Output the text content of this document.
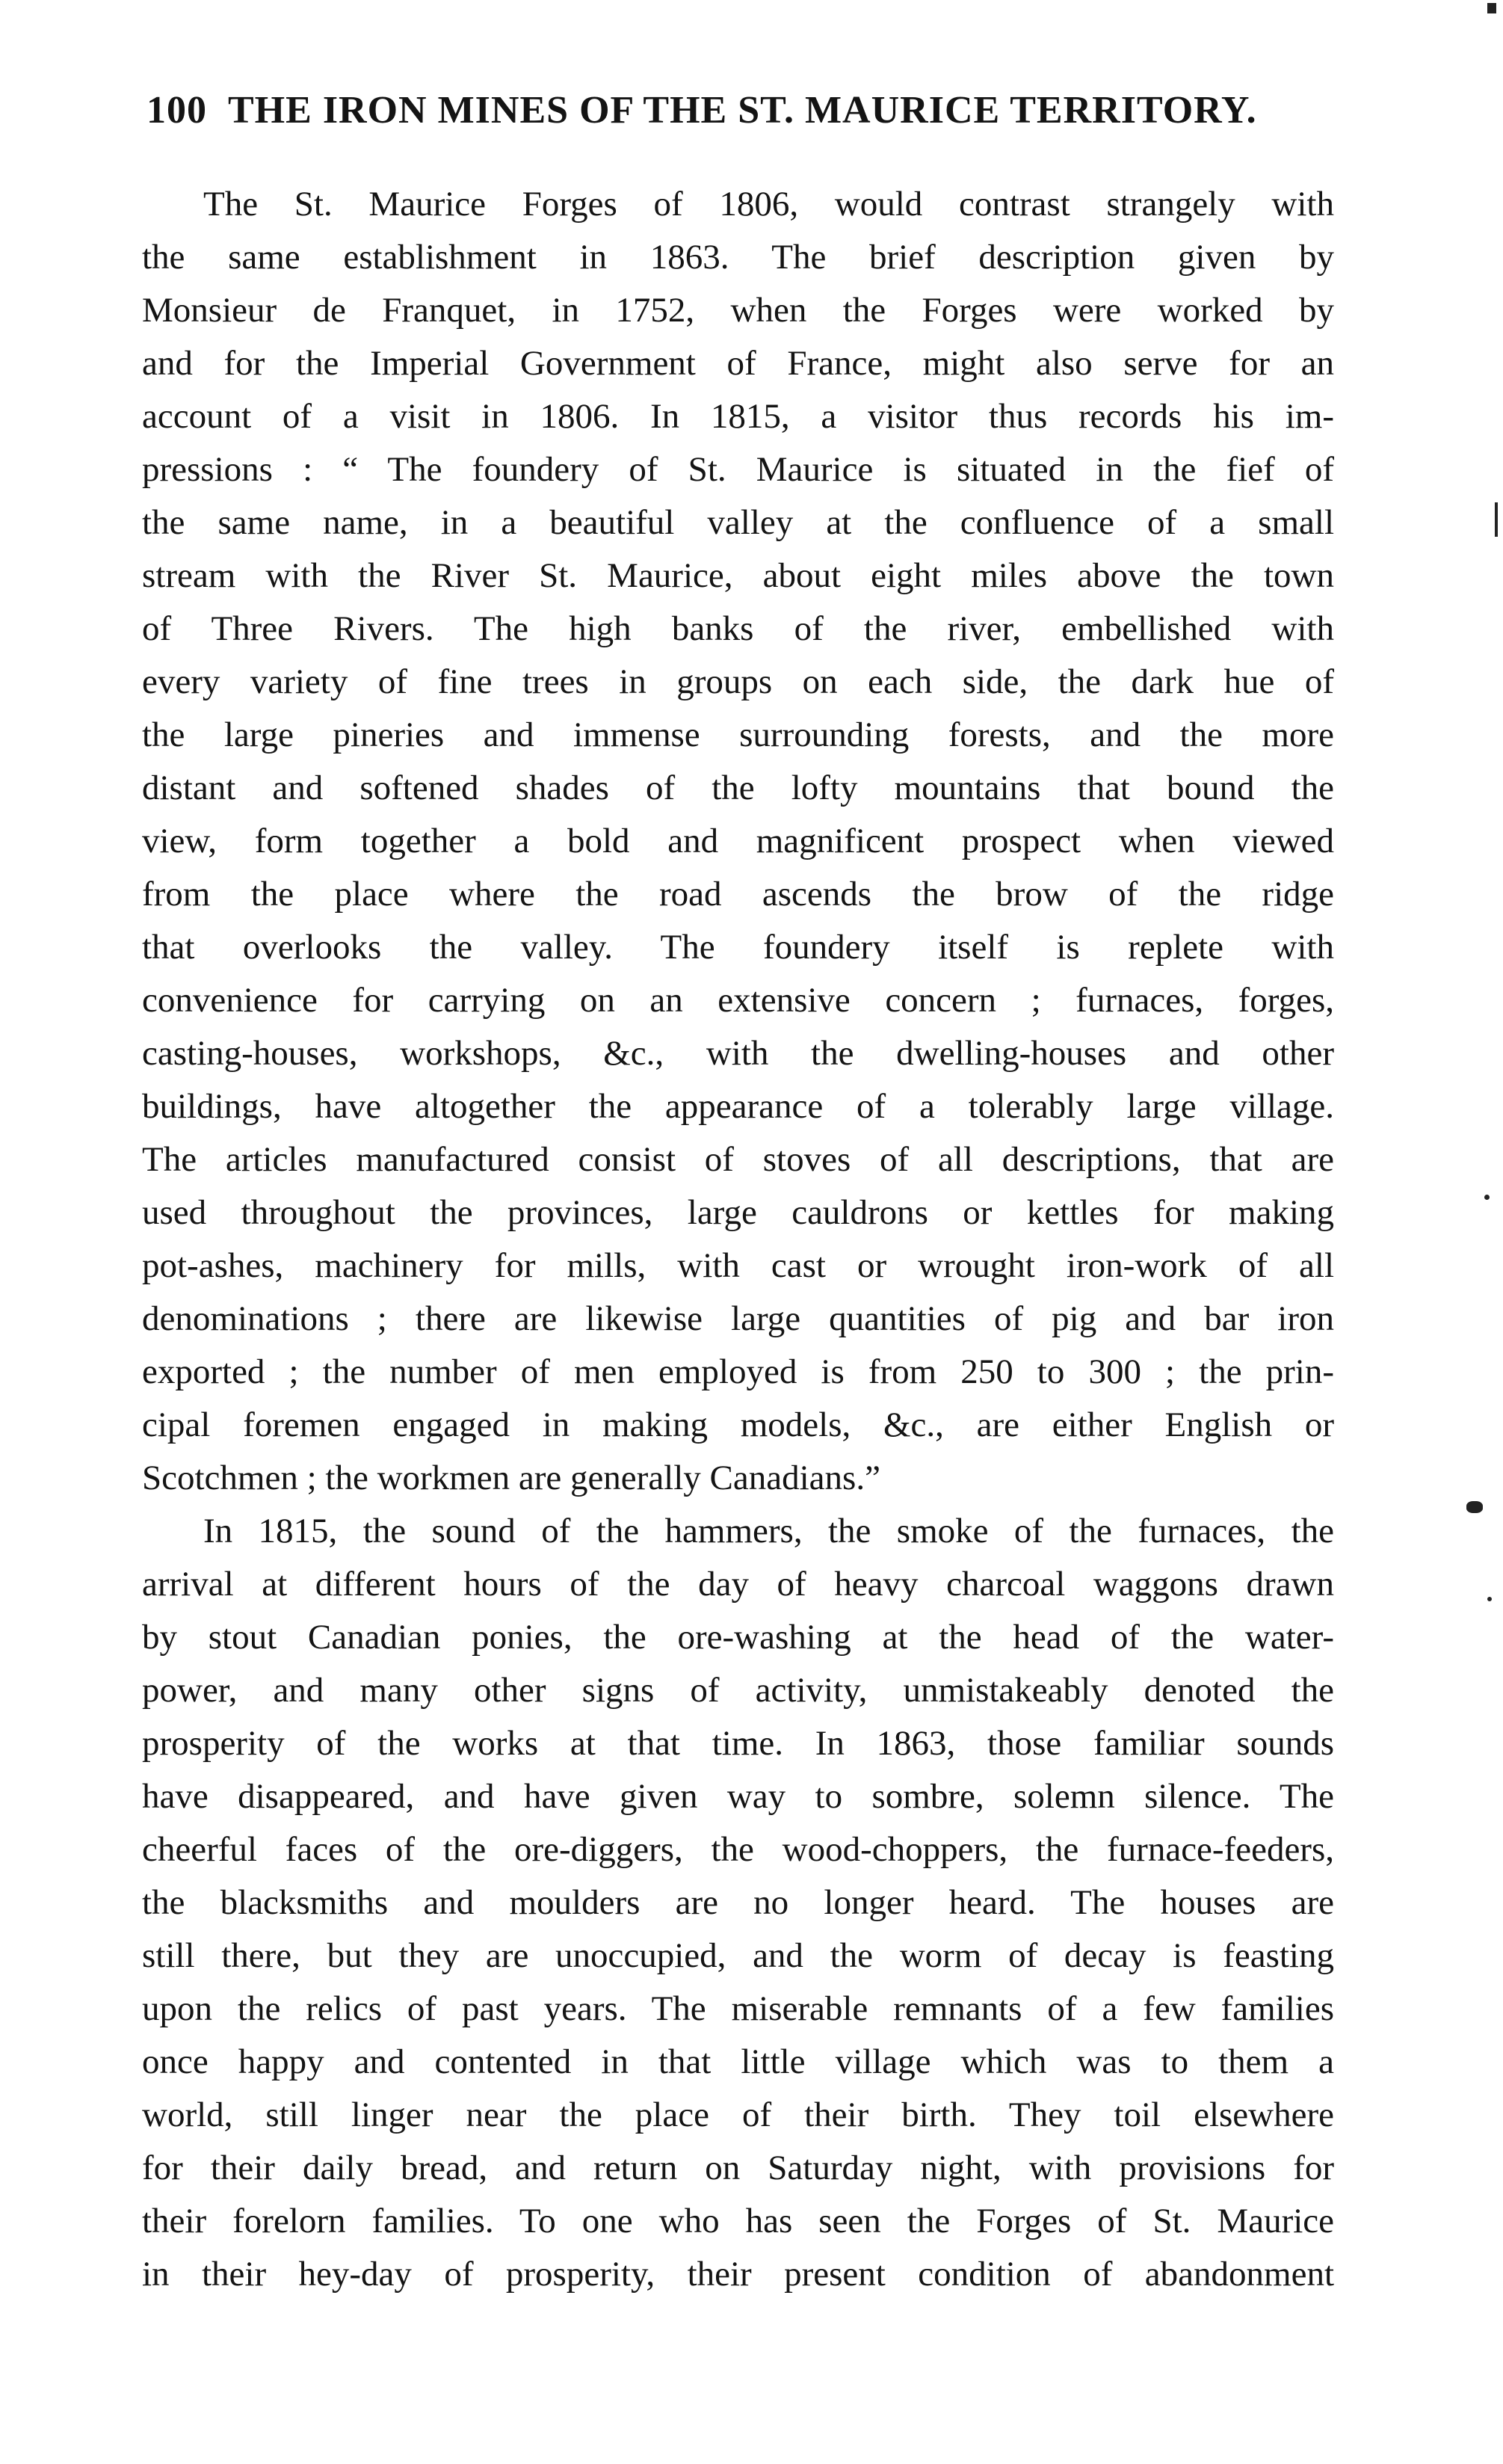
100 THE IRON MINES OF THE ST. MAURICE TERRITORY.
The St. Maurice Forges of 1806, would contrast strangely with
the same establishment in 1863. The brief description given by
Monsieur de Franquet, in 1752, when the Forges were worked by
and for the Imperial Government of France, might also serve for an
account of a visit in 1806. In 1815, a visitor thus records his im-
pressions : “ The foundery of St. Maurice is situated in the fief of
the same name, in a beautiful valley at the confluence of a small
stream with the River St. Maurice, about eight miles above the town
of Three Rivers. The high banks of the river, embellished with
every variety of fine trees in groups on each side, the dark hue of
the large pineries and immense surrounding forests, and the more
distant and softened shades of the lofty mountains that bound the
view, form together a bold and magnificent prospect when viewed
from the place where the road ascends the brow of the ridge
that overlooks the valley. The foundery itself is replete with
convenience for carrying on an extensive concern ; furnaces, forges,
casting-houses, workshops, &c., with the dwelling-houses and other
buildings, have altogether the appearance of a tolerably large village.
The articles manufactured consist of stoves of all descriptions, that are
used throughout the provinces, large cauldrons or kettles for making
pot-ashes, machinery for mills, with cast or wrought iron-work of all
denominations ; there are likewise large quantities of pig and bar iron
exported ; the number of men employed is from 250 to 300 ; the prin-
cipal foremen engaged in making models, &c., are either English or
Scotchmen ; the workmen are generally Canadians.”
In 1815, the sound of the hammers, the smoke of the furnaces, the
arrival at different hours of the day of heavy charcoal waggons drawn
by stout Canadian ponies, the ore-washing at the head of the water-
power, and many other signs of activity, unmistakeably denoted the
prosperity of the works at that time. In 1863, those familiar sounds
have disappeared, and have given way to sombre, solemn silence. The
cheerful faces of the ore-diggers, the wood-choppers, the furnace-feeders,
the blacksmiths and moulders are no longer heard. The houses are
still there, but they are unoccupied, and the worm of decay is feasting
upon the relics of past years. The miserable remnants of a few families
once happy and contented in that little village which was to them a
world, still linger near the place of their birth. They toil elsewhere
for their daily bread, and return on Saturday night, with provisions for
their forelorn families. To one who has seen the Forges of St. Maurice
in their hey-day of prosperity, their present condition of abandonment
